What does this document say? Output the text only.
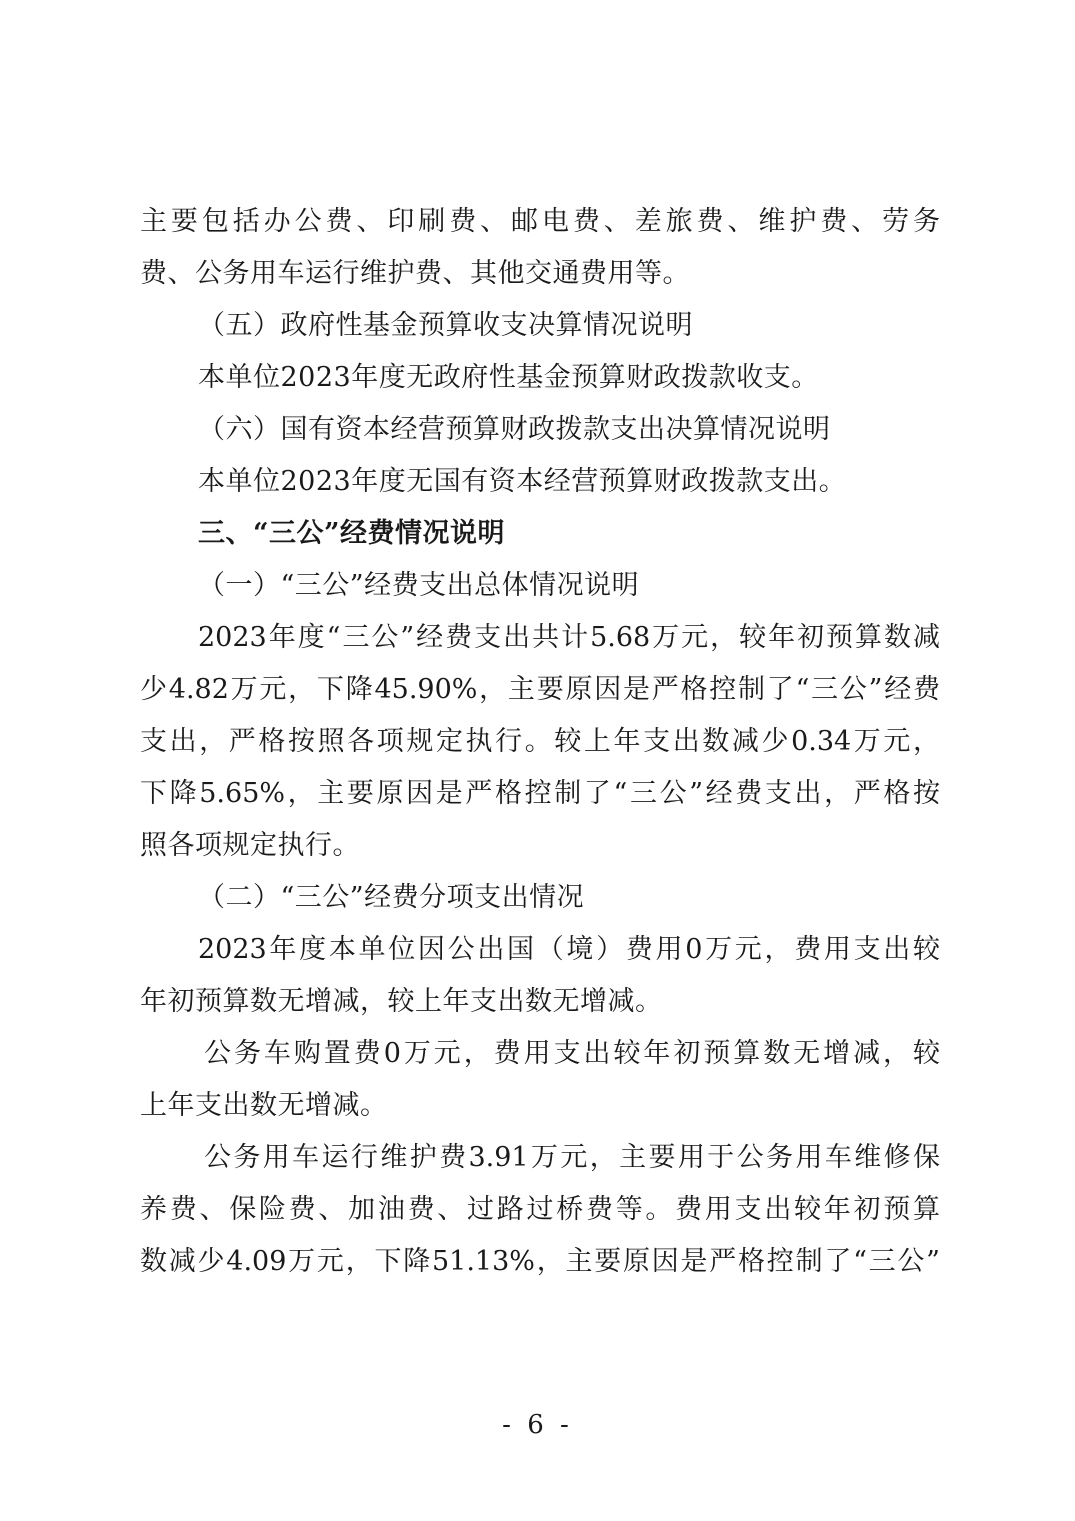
主要包括办公费、印刷费、邮电费、差旅费、维护费、劳务
费、公务用车运行维护费、其他交通费用等。
（五）政府性基金预算收支决算情况说明
本单位2023年度无政府性基金预算财政拨款收支。
（六）国有资本经营预算财政拨款支出决算情况说明
本单位2023年度无国有资本经营预算财政拨款支出。
三、“三公”经费情况说明
（一）“三公”经费支出总体情况说明
2023年度“三公”经费支出共计5.68万元，较年初预算数减
少4.82万元，下降45.90%，主要原因是严格控制了“三公”经费
支出，严格按照各项规定执行。较上年支出数减少0.34万元，
下降5.65%，主要原因是严格控制了“三公”经费支出，严格按
照各项规定执行。
（二）“三公”经费分项支出情况
2023年度本单位因公出国（境）费用0万元，费用支出较
年初预算数无增减，较上年支出数无增减。
公务车购置费0万元，费用支出较年初预算数无增减，较
上年支出数无增减。
公务用车运行维护费3.91万元，主要用于公务用车维修保
养费、保险费、加油费、过路过桥费等。费用支出较年初预算
数减少4.09万元，下降51.13%，主要原因是严格控制了“三公”
- 6 -
